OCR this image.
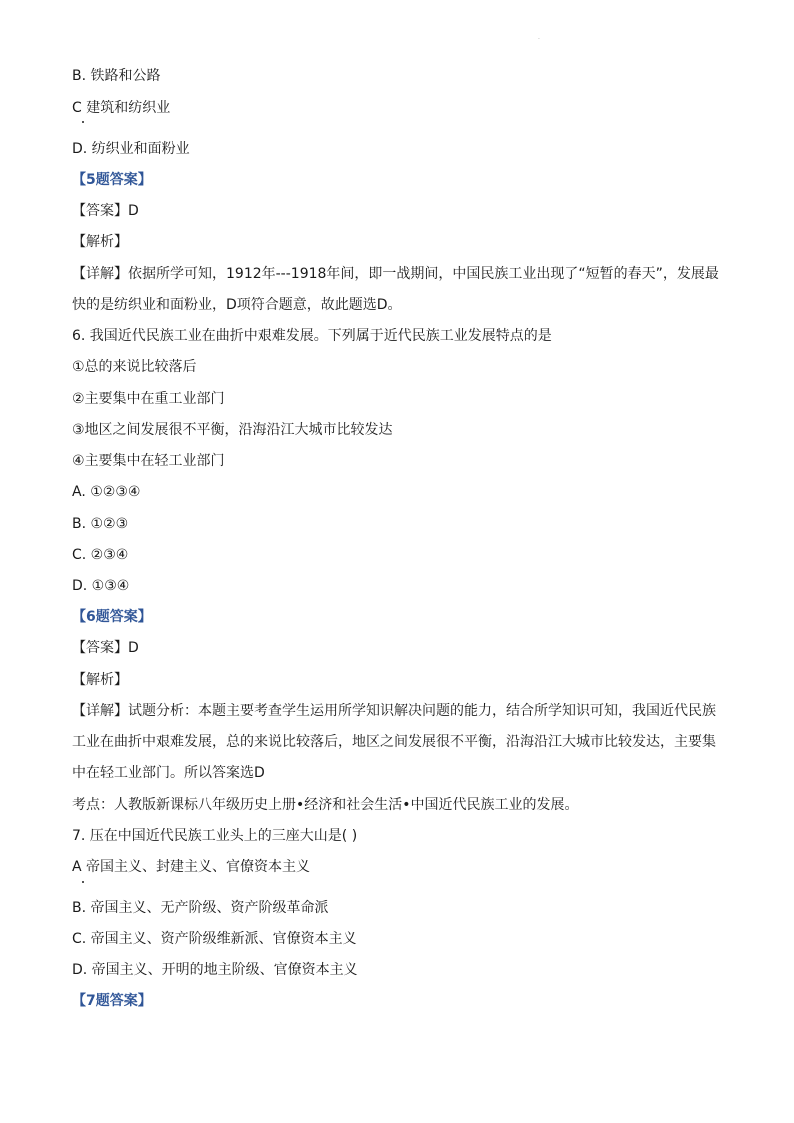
·
B. 铁路和公路
C 建筑和纺织业
D. 纺织业和面粉业
【5题答案】
【答案】D
【解析】
【详解】依据所学可知，1912年---1918年间，即一战期间，中国民族工业出现了“短暂的春天”，发展最
快的是纺织业和面粉业，D项符合题意，故此题选D。
6. 我国近代民族工业在曲折中艰难发展。下列属于近代民族工业发展特点的是
①总的来说比较落后
②主要集中在重工业部门
③地区之间发展很不平衡，沿海沿江大城市比较发达
④主要集中在轻工业部门
A. ①②③④
B. ①②③
C. ②③④
D. ①③④
【6题答案】
【答案】D
【解析】
【详解】试题分析：本题主要考查学生运用所学知识解决问题的能力，结合所学知识可知，我国近代民族
工业在曲折中艰难发展，总的来说比较落后，地区之间发展很不平衡，沿海沿江大城市比较发达，主要集
中在轻工业部门。所以答案选D
考点：人教版新课标八年级历史上册•经济和社会生活•中国近代民族工业的发展。
7. 压在中国近代民族工业头上的三座大山是( )
A 帝国主义、封建主义、官僚资本主义
B. 帝国主义、无产阶级、资产阶级革命派
C. 帝国主义、资产阶级维新派、官僚资本主义
D. 帝国主义、开明的地主阶级、官僚资本主义
【7题答案】
